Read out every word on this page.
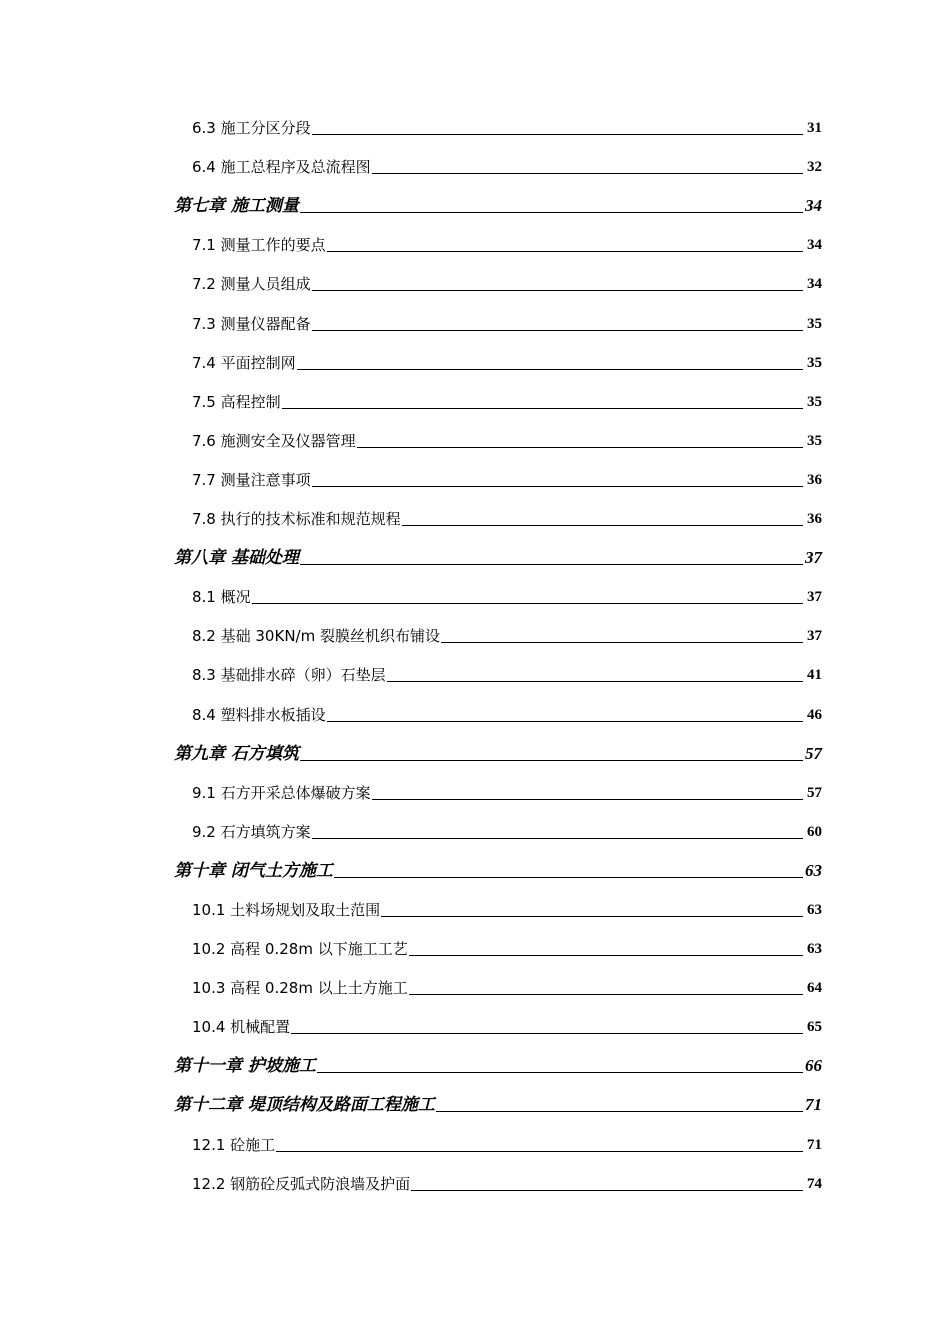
6.3 施工分区分段	31
6.4 施工总程序及总流程图	32
第七章 施工测量	34
7.1 测量工作的要点	34
7.2 测量人员组成	34
7.3 测量仪器配备	35
7.4 平面控制网	35
7.5 高程控制	35
7.6 施测安全及仪器管理	35
7.7 测量注意事项	36
7.8 执行的技术标准和规范规程	36
第八章 基础处理	37
8.1 概况	37
8.2 基础 30KN/m 裂膜丝机织布铺设	37
8.3 基础排水碎（卵）石垫层	41
8.4 塑料排水板插设	46
第九章 石方填筑	57
9.1 石方开采总体爆破方案	57
9.2 石方填筑方案	60
第十章 闭气土方施工	63
10.1 土料场规划及取土范围	63
10.2 高程 0.28m 以下施工工艺	63
10.3 高程 0.28m 以上土方施工	64
10.4 机械配置	65
第十一章 护坡施工	66
第十二章 堤顶结构及路面工程施工	71
12.1 砼施工	71
12.2 钢筋砼反弧式防浪墙及护面	74
